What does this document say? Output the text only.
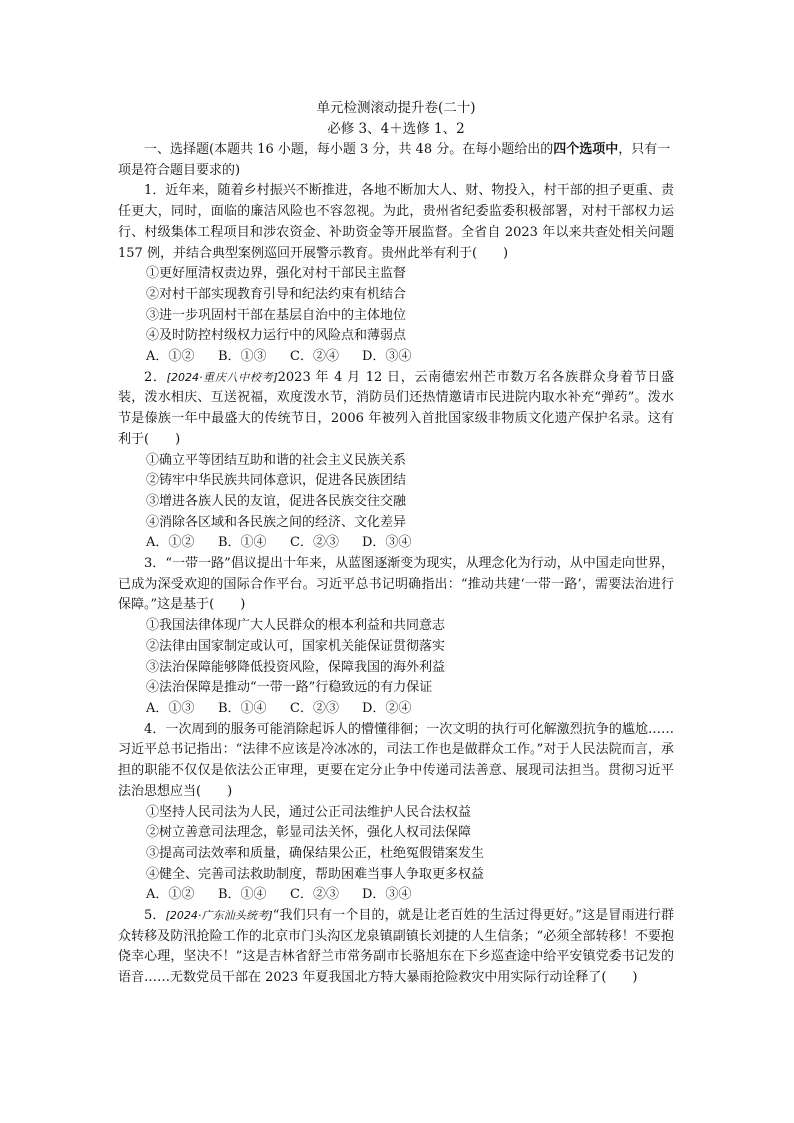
单元检测滚动提升卷(二十)

必修 3、4＋选修 1、2

一、选择题(本题共 16 小题，每小题 3 分，共 48 分。在每小题给出的四个选项中，只有一项是符合题目要求的)

1．近年来，随着乡村振兴不断推进，各地不断加大人、财、物投入，村干部的担子更重、责任更大，同时，面临的廉洁风险也不容忽视。为此，贵州省纪委监委积极部署，对村干部权力运行、村级集体工程项目和涉农资金、补助资金等开展监督。全省自 2023 年以来共查处相关问题 157 例，并结合典型案例巡回开展警示教育。贵州此举有利于(　　)

①更好厘清权责边界，强化对村干部民主监督

②对村干部实现教育引导和纪法约束有机结合

③进一步巩固村干部在基层自治中的主体地位

④及时防控村级权力运行中的风险点和薄弱点

A．①②	B．①③	C．②④	D．③④

2．[2024·重庆八中校考]2023 年 4 月 12 日，云南德宏州芒市数万名各族群众身着节日盛装，泼水相庆、互送祝福，欢度泼水节，消防员们还热情邀请市民进院内取水补充“弹药”。泼水节是傣族一年中最盛大的传统节日，2006 年被列入首批国家级非物质文化遗产保护名录。这有利于(　　)

①确立平等团结互助和谐的社会主义民族关系

②铸牢中华民族共同体意识，促进各民族团结

③增进各族人民的友谊，促进各民族交往交融

④消除各区域和各民族之间的经济、文化差异

A．①②	B．①④	C．②③	D．③④

3．“一带一路”倡议提出十年来，从蓝图逐渐变为现实，从理念化为行动，从中国走向世界，已成为深受欢迎的国际合作平台。习近平总书记明确指出：“推动共建‘一带一路’，需要法治进行保障。”这是基于(　　)

①我国法律体现广大人民群众的根本利益和共同意志

②法律由国家制定或认可，国家机关能保证贯彻落实

③法治保障能够降低投资风险，保障我国的海外利益

④法治保障是推动“一带一路”行稳致远的有力保证

A．①③	B．①④	C．②③	D．②④

4．一次周到的服务可能消除起诉人的懵懂徘徊；一次文明的执行可化解激烈抗争的尴尬……习近平总书记指出：“法律不应该是冷冰冰的，司法工作也是做群众工作。”对于人民法院而言，承担的职能不仅仅是依法公正审理，更要在定分止争中传递司法善意、展现司法担当。贯彻习近平法治思想应当(　　)

①坚持人民司法为人民，通过公正司法维护人民合法权益

②树立善意司法理念，彰显司法关怀，强化人权司法保障

③提高司法效率和质量，确保结果公正，杜绝冤假错案发生

④健全、完善司法救助制度，帮助困难当事人争取更多权益

A．①②	B．①④	C．②③	D．③④

5．[2024·广东汕头统考]“我们只有一个目的，就是让老百姓的生活过得更好。”这是冒雨进行群众转移及防汛抢险工作的北京市门头沟区龙泉镇副镇长刘捷的人生信条；“必须全部转移！不要抱侥幸心理，坚决不！”这是吉林省舒兰市常务副市长骆旭东在下乡巡查途中给平安镇党委书记发的语音……无数党员干部在 2023 年夏我国北方特大暴雨抢险救灾中用实际行动诠释了(　　)
